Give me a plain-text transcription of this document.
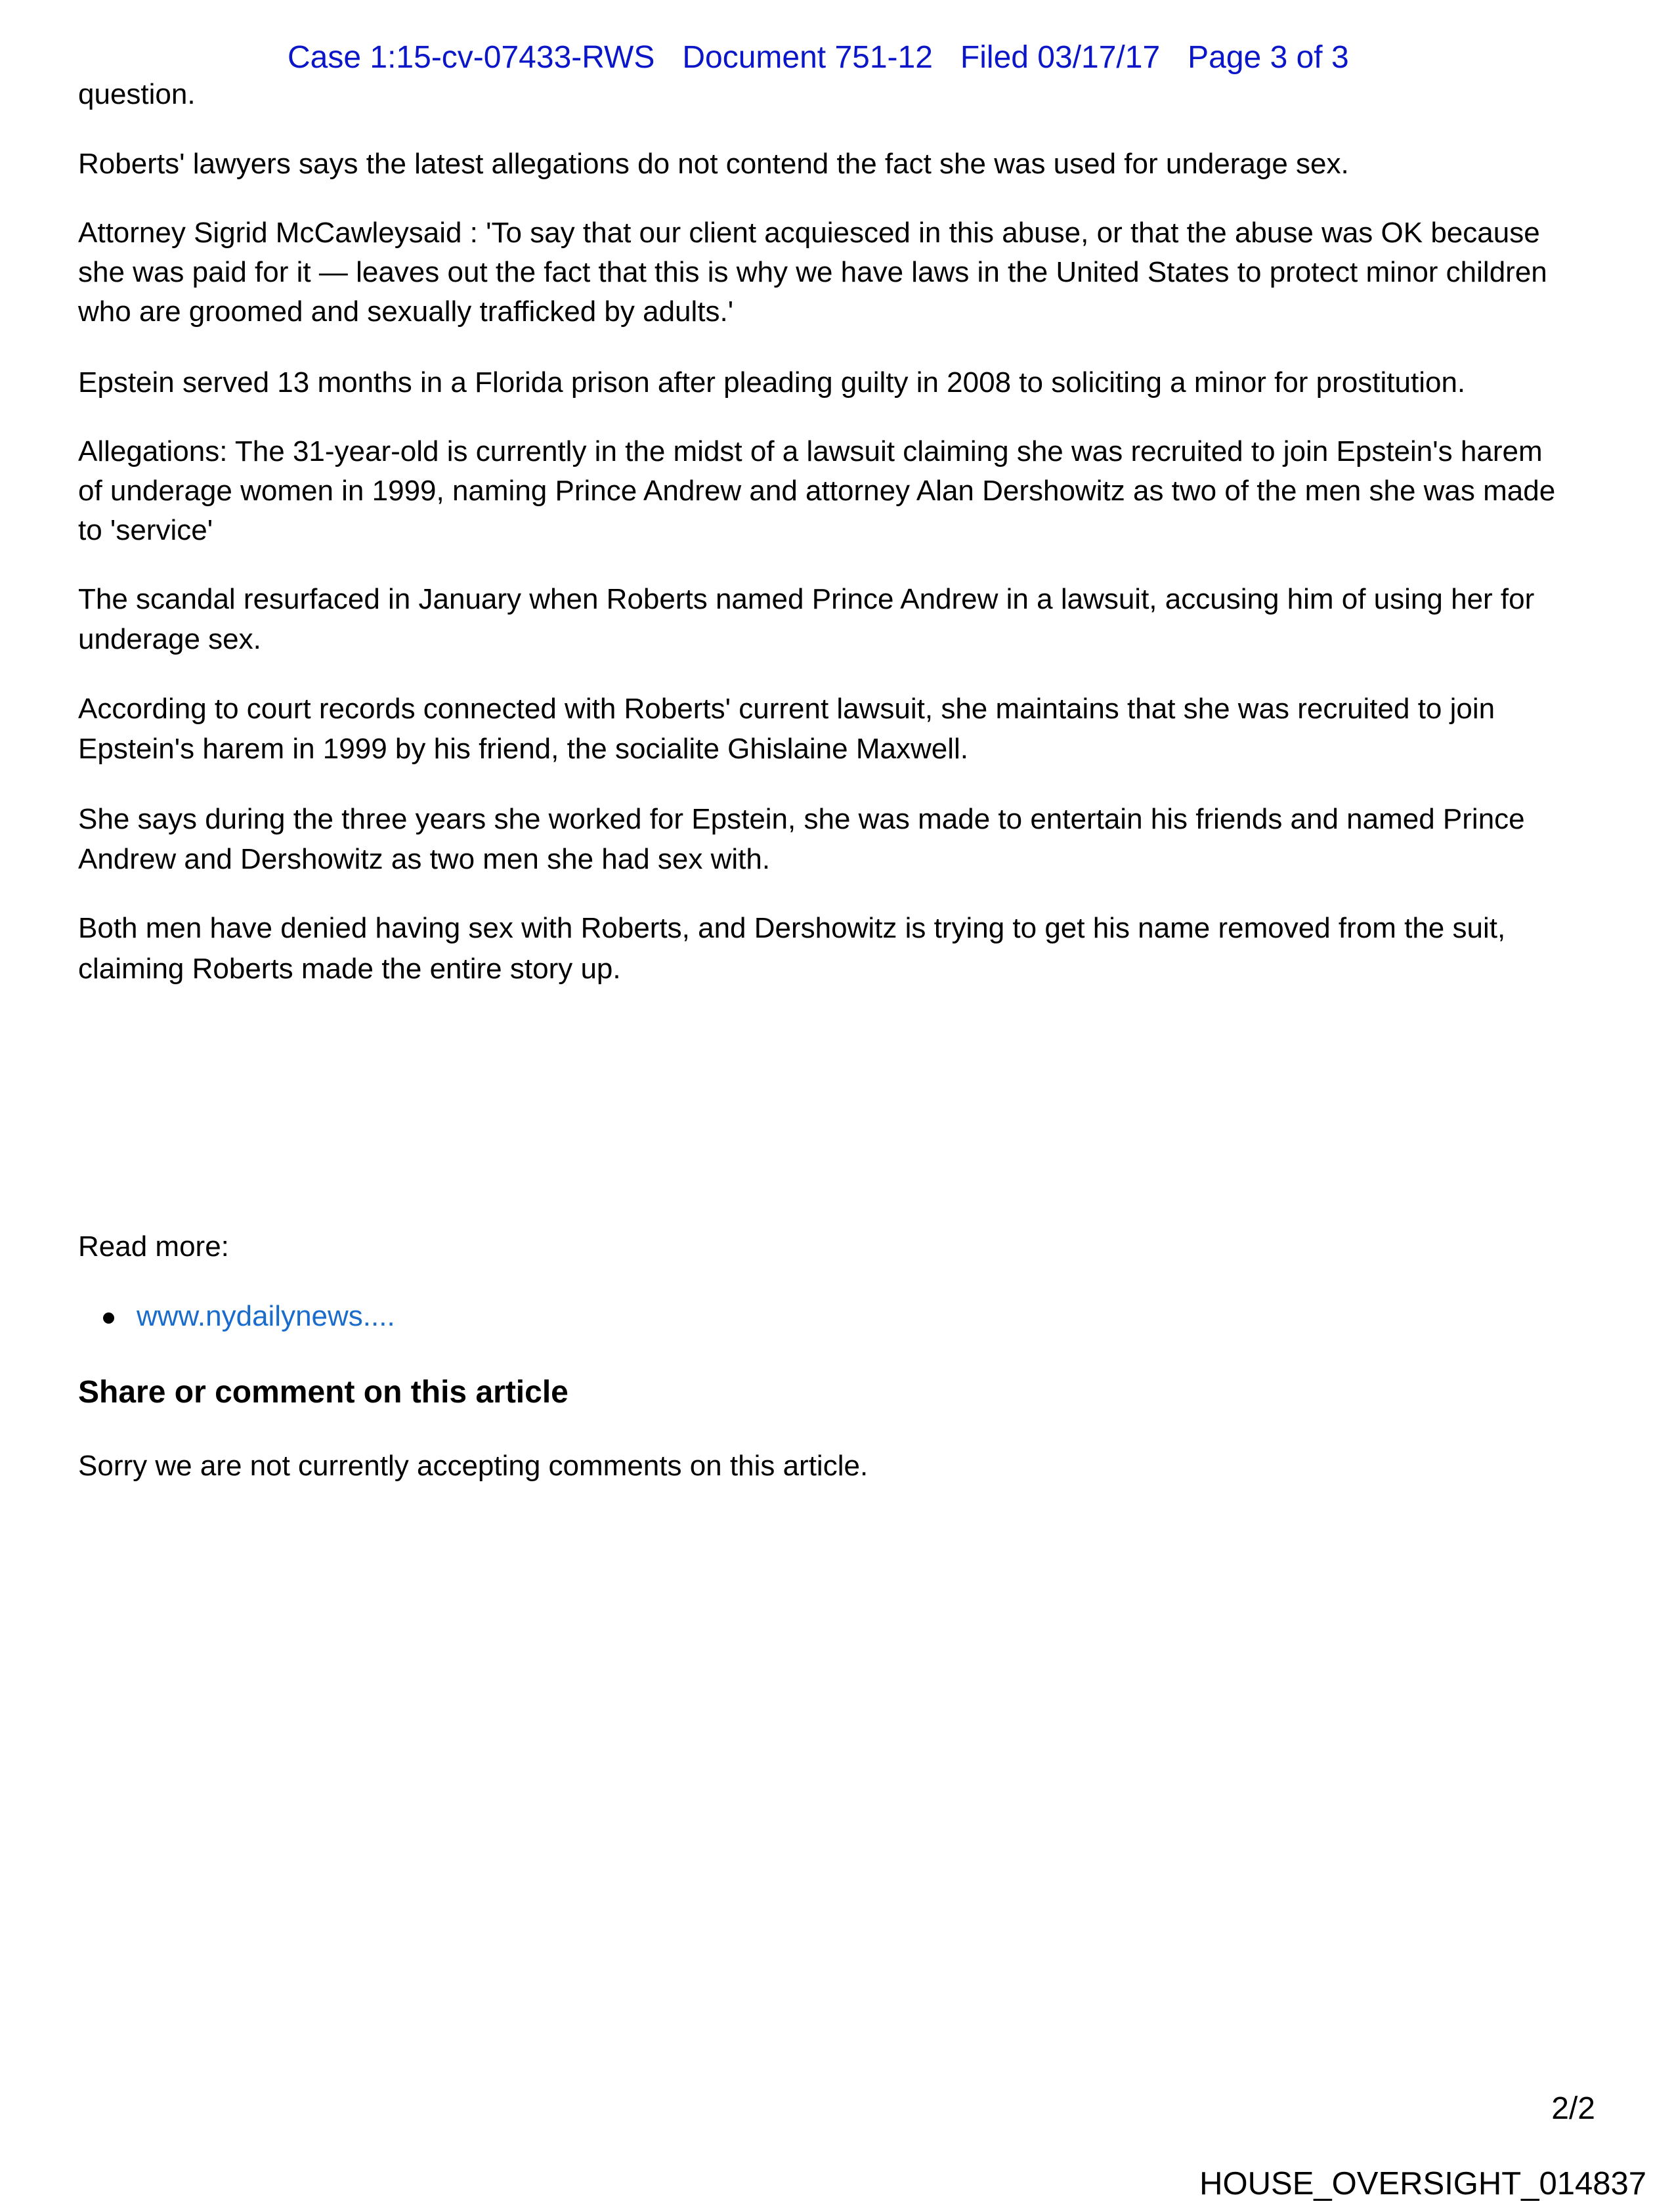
Case 1:15-cv-07433-RWS Document 751-12 Filed 03/17/17 Page 3 of 3
question.
Roberts' lawyers says the latest allegations do not contend the fact she was used for underage sex.
Attorney Sigrid McCawleysaid : 'To say that our client acquiesced in this abuse, or that the abuse was OK because
she was paid for it — leaves out the fact that this is why we have laws in the United States to protect minor children
who are groomed and sexually trafficked by adults.'
Epstein served 13 months in a Florida prison after pleading guilty in 2008 to soliciting a minor for prostitution.
Allegations: The 31-year-old is currently in the midst of a lawsuit claiming she was recruited to join Epstein's harem
of underage women in 1999, naming Prince Andrew and attorney Alan Dershowitz as two of the men she was made
to 'service'
The scandal resurfaced in January when Roberts named Prince Andrew in a lawsuit, accusing him of using her for
underage sex.
According to court records connected with Roberts' current lawsuit, she maintains that she was recruited to join
Epstein's harem in 1999 by his friend, the socialite Ghislaine Maxwell.
She says during the three years she worked for Epstein, she was made to entertain his friends and named Prince
Andrew and Dershowitz as two men she had sex with.
Both men have denied having sex with Roberts, and Dershowitz is trying to get his name removed from the suit,
claiming Roberts made the entire story up.
Read more:
www.nydailynews....
Share or comment on this article
Sorry we are not currently accepting comments on this article.
2/2
HOUSE_OVERSIGHT_014837
